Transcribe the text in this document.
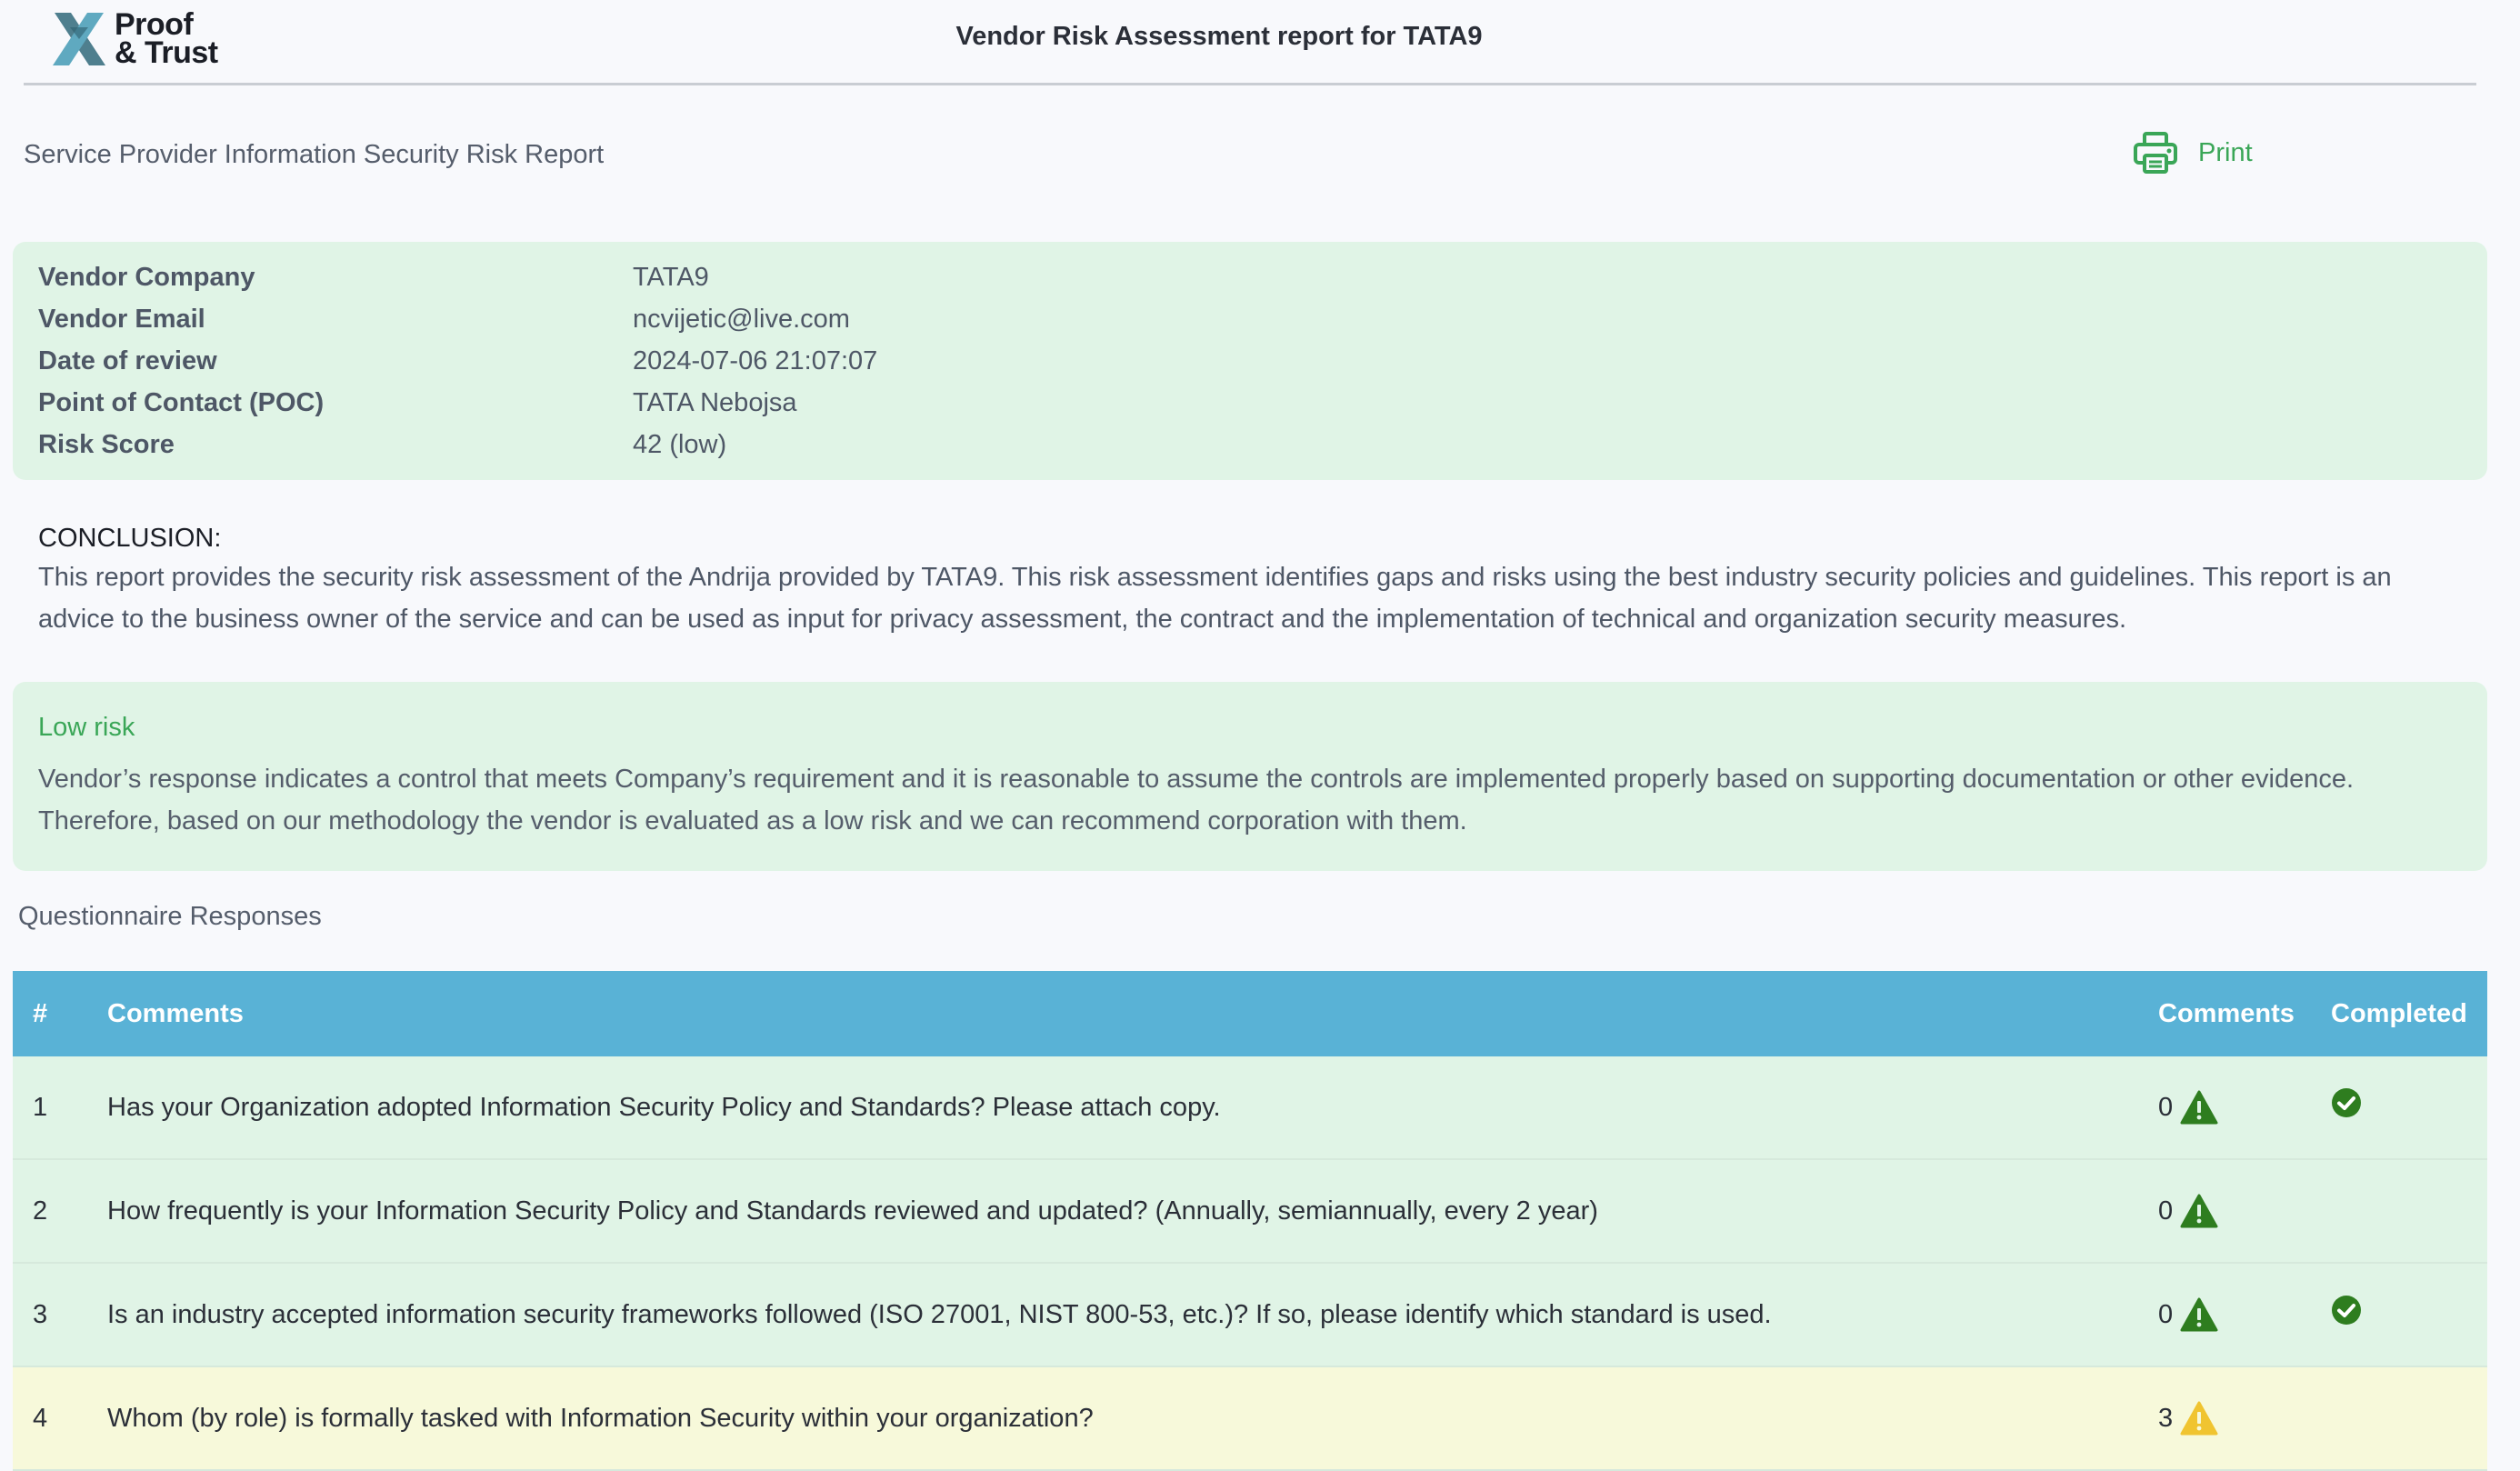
Proof
& Trust	Vendor Risk Assessment report for TATA9
Service Provider Information Security Risk Report	Print
Vendor Company	TATA9
Vendor Email	ncvijetic@live.com
Date of review	2024-07-06 21:07:07
Point of Contact (POC)	TATA Nebojsa
Risk Score	42 (low)
CONCLUSION:
This report provides the security risk assessment of the Andrija provided by TATA9. This risk assessment identifies gaps and risks using the best industry security policies and guidelines. This report is an advice to the business owner of the service and can be used as input for privacy assessment, the contract and the implementation of technical and organization security measures.
Low risk
Vendor’s response indicates a control that meets Company’s requirement and it is reasonable to assume the controls are implemented properly based on supporting documentation or other evidence. Therefore, based on our methodology the vendor is evaluated as a low risk and we can recommend corporation with them.
Questionnaire Responses
#	Comments	Comments	Completed
1	Has your Organization adopted Information Security Policy and Standards? Please attach copy.	0
2	How frequently is your Information Security Policy and Standards reviewed and updated? (Annually, semiannually, every 2 year)	0
3	Is an industry accepted information security frameworks followed (ISO 27001, NIST 800-53, etc.)? If so, please identify which standard is used.	0
4	Whom (by role) is formally tasked with Information Security within your organization?	3
